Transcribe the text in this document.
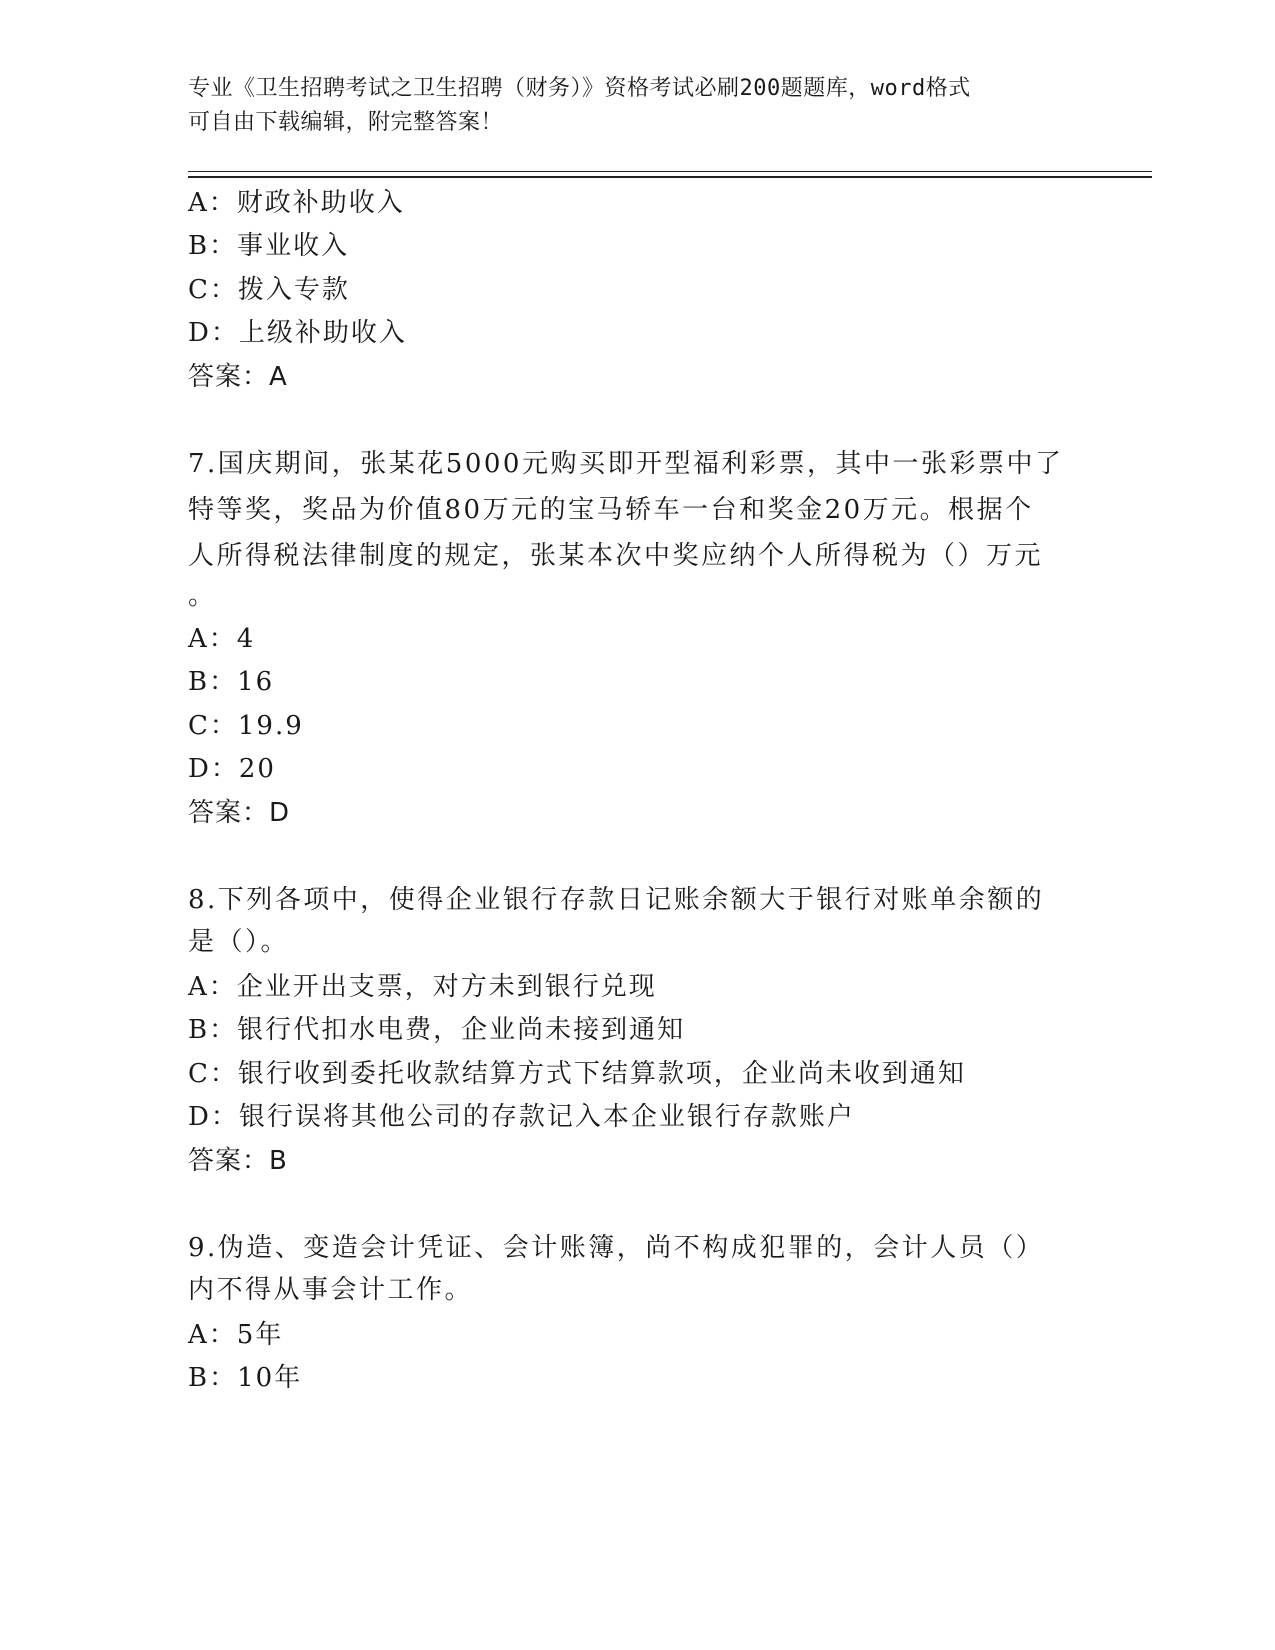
专业《卫生招聘考试之卫生招聘（财务）》资格考试必刷200题题库，word格式
可自由下载编辑，附完整答案！
A：财政补助收入
B：事业收入
C：拨入专款
D：上级补助收入
答案：A
7.国庆期间，张某花5000元购买即开型福利彩票，其中一张彩票中了
特等奖，奖品为价值80万元的宝马轿车一台和奖金20万元。根据个
人所得税法律制度的规定，张某本次中奖应纳个人所得税为（）万元
。
A：4
B：16
C：19.9
D：20
答案：D
8.下列各项中，使得企业银行存款日记账余额大于银行对账单余额的
是（）。
A：企业开出支票，对方未到银行兑现
B：银行代扣水电费，企业尚未接到通知
C：银行收到委托收款结算方式下结算款项，企业尚未收到通知
D：银行误将其他公司的存款记入本企业银行存款账户
答案：B
9.伪造、变造会计凭证、会计账簿，尚不构成犯罪的，会计人员（）
内不得从事会计工作。
A：5年
B：10年
